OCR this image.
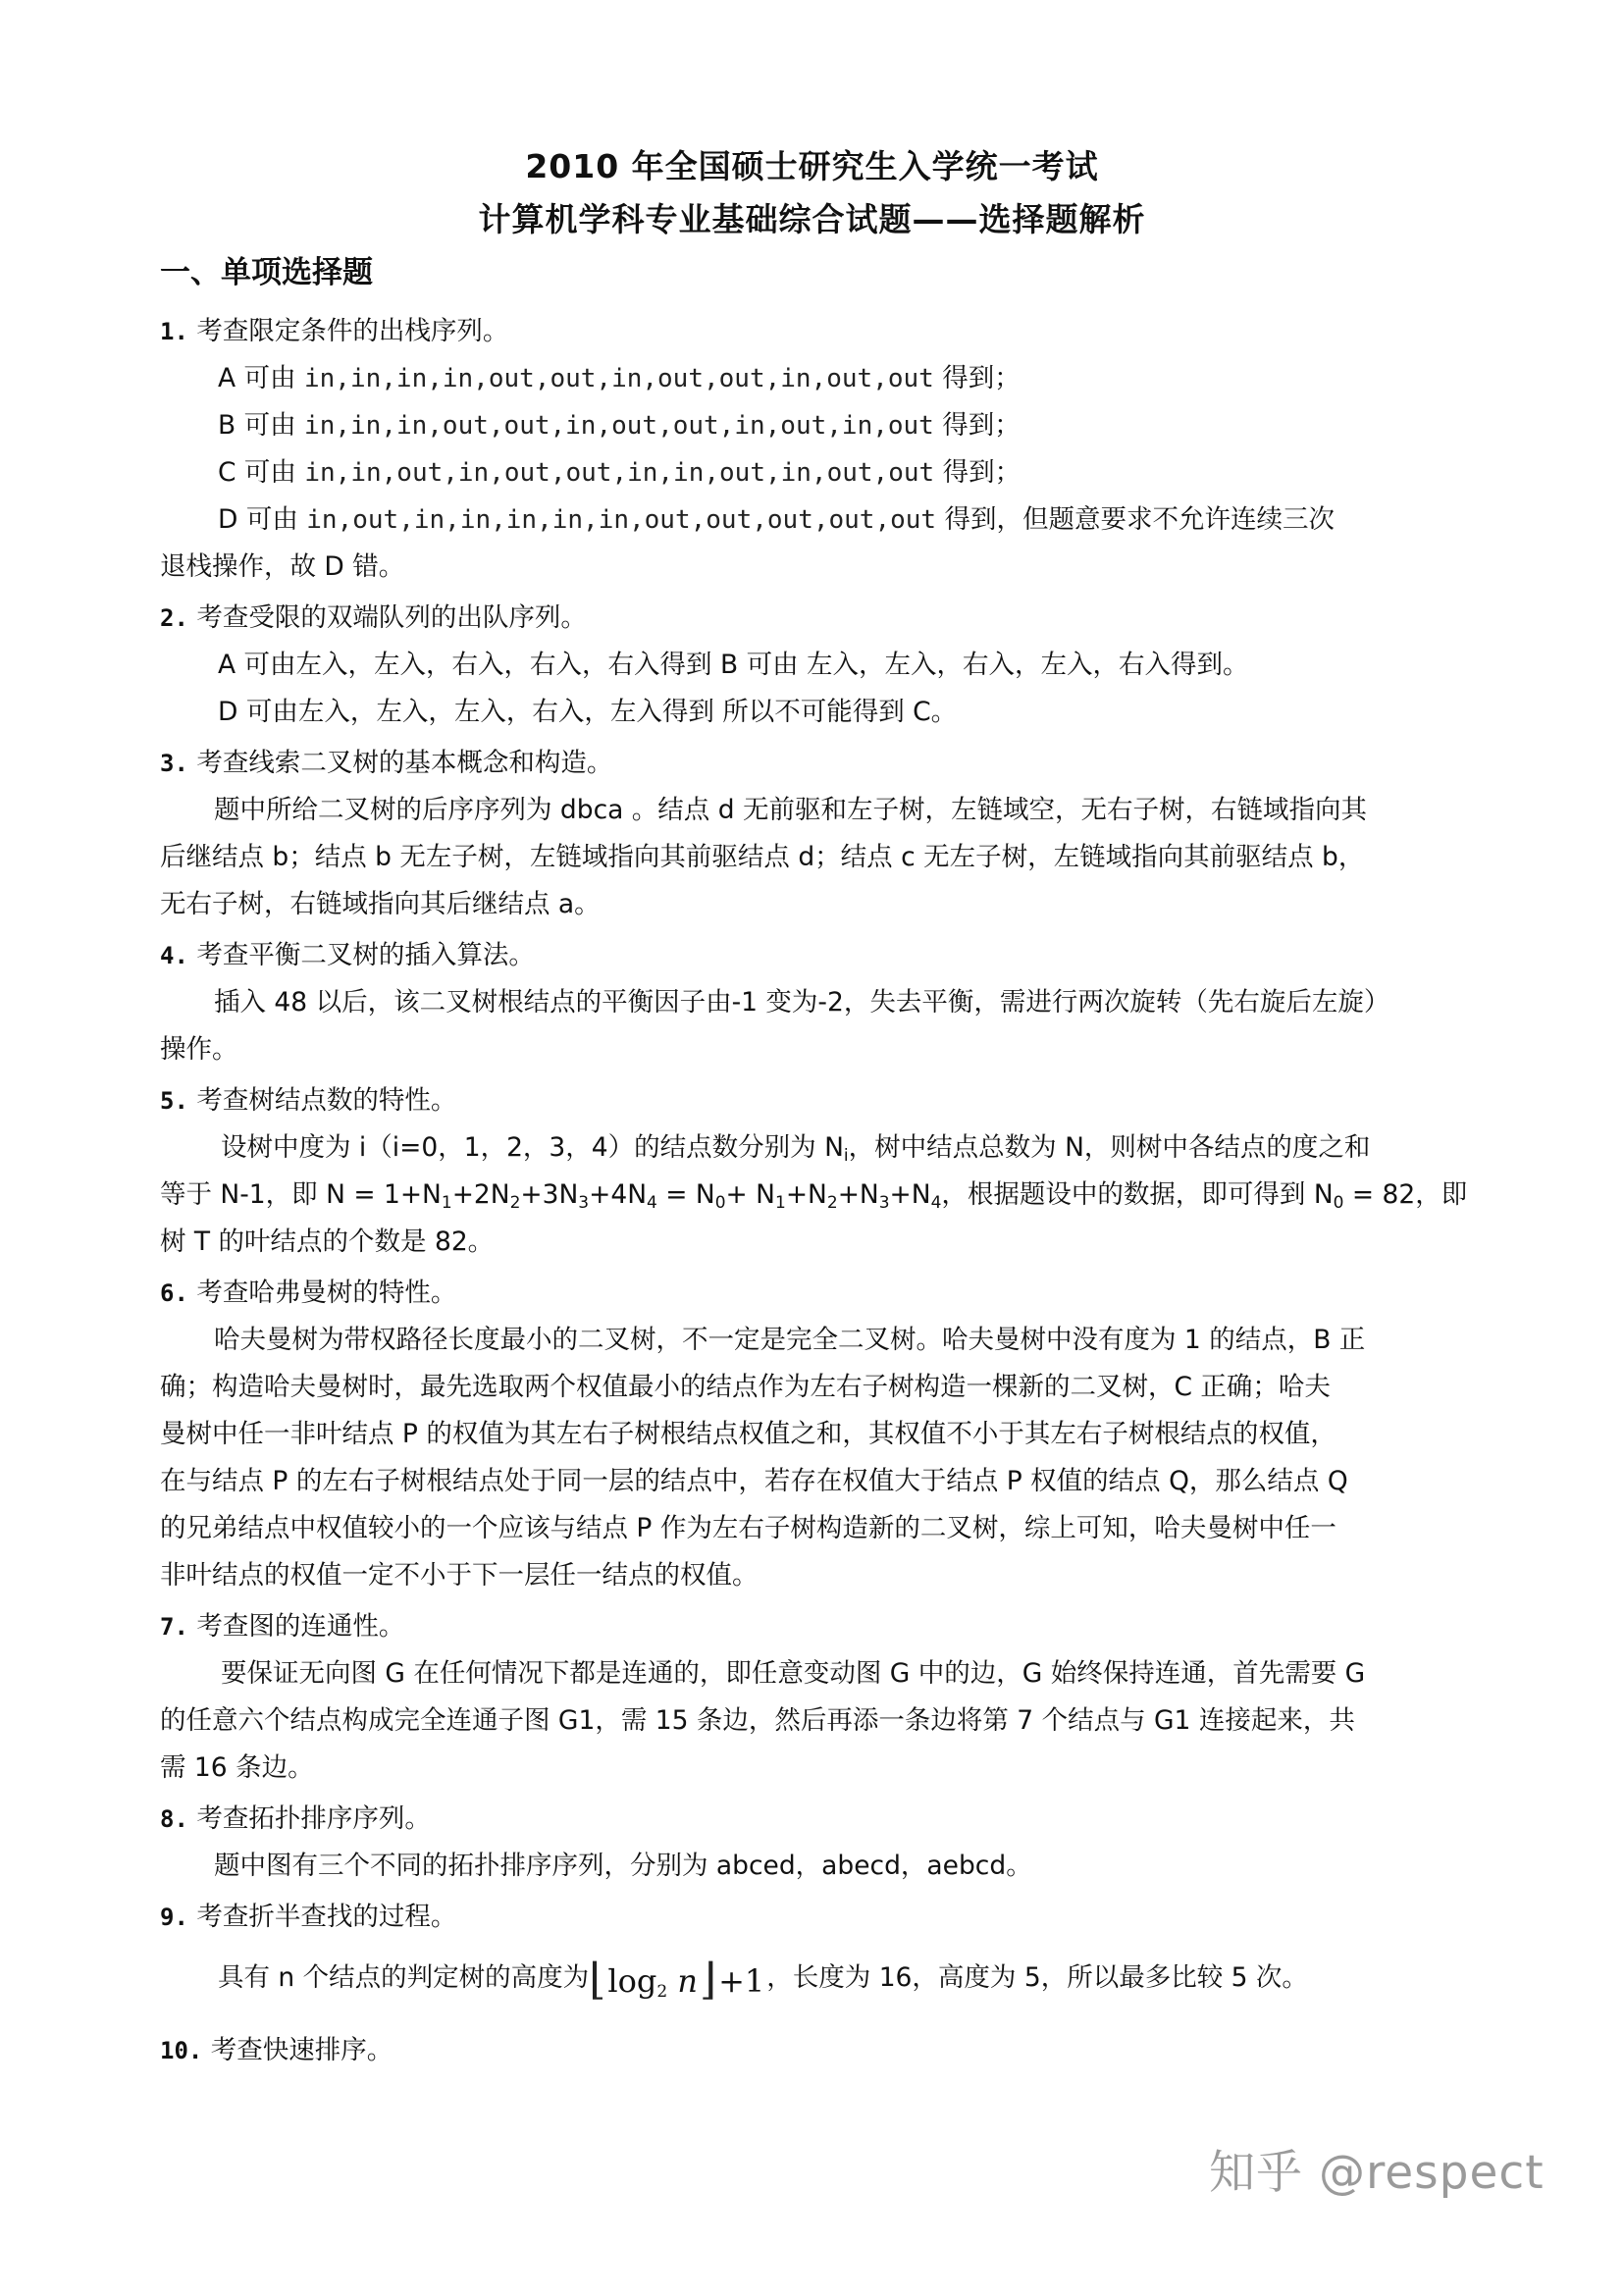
2010 年全国硕士研究生入学统一考试
计算机学科专业基础综合试题——选择题解析
一、单项选择题
1. 考查限定条件的出栈序列。
A 可由 in,in,in,in,out,out,in,out,out,in,out,out 得到；
B 可由 in,in,in,out,out,in,out,out,in,out,in,out 得到；
C 可由 in,in,out,in,out,out,in,in,out,in,out,out 得到；
D 可由 in,out,in,in,in,in,in,out,out,out,out,out 得到，但题意要求不允许连续三次
退栈操作，故 D 错。
2. 考查受限的双端队列的出队序列。
A 可由左入，左入，右入，右入，右入得到 B 可由 左入，左入，右入，左入，右入得到。
D 可由左入，左入，左入，右入，左入得到 所以不可能得到 C。
3. 考查线索二叉树的基本概念和构造。
题中所给二叉树的后序序列为 dbca 。结点 d 无前驱和左子树，左链域空，无右子树，右链域指向其
后继结点 b；结点 b 无左子树，左链域指向其前驱结点 d；结点 c 无左子树，左链域指向其前驱结点 b，
无右子树，右链域指向其后继结点 a。
4. 考查平衡二叉树的插入算法。
插入 48 以后，该二叉树根结点的平衡因子由-1 变为-2，失去平衡，需进行两次旋转（先右旋后左旋）
操作。
5. 考查树结点数的特性。
设树中度为 i（i=0，1，2，3，4）的结点数分别为 $N_i$，树中结点总数为 N，则树中各结点的度之和
等于 N-1，即 $N = 1+N_1+2N_2+3N_3+4N_4 = N_0+ N_1+N_2+N_3+N_4$，根据题设中的数据，即可得到 $N_0 = 82$，即
树 T 的叶结点的个数是 82。
6. 考查哈弗曼树的特性。
哈夫曼树为带权路径长度最小的二叉树，不一定是完全二叉树。哈夫曼树中没有度为 1 的结点，B 正
确；构造哈夫曼树时，最先选取两个权值最小的结点作为左右子树构造一棵新的二叉树，C 正确；哈夫
曼树中任一非叶结点 P 的权值为其左右子树根结点权值之和，其权值不小于其左右子树根结点的权值，
在与结点 P 的左右子树根结点处于同一层的结点中，若存在权值大于结点 P 权值的结点 Q，那么结点 Q
的兄弟结点中权值较小的一个应该与结点 P 作为左右子树构造新的二叉树，综上可知，哈夫曼树中任一
非叶结点的权值一定不小于下一层任一结点的权值。
7. 考查图的连通性。
要保证无向图 G 在任何情况下都是连通的，即任意变动图 G 中的边，G 始终保持连通，首先需要 G
的任意六个结点构成完全连通子图 G1，需 15 条边，然后再添一条边将第 7 个结点与 G1 连接起来，共
需 16 条边。
8. 考查拓扑排序序列。
题中图有三个不同的拓扑排序序列，分别为 abced，abecd，aebcd。
9. 考查折半查找的过程。
具有 n 个结点的判定树的高度为$⌊\log_2$ n⌋+1，长度为 16，高度为 5，所以最多比较 5 次。
10. 考查快速排序。
知乎 @respect
